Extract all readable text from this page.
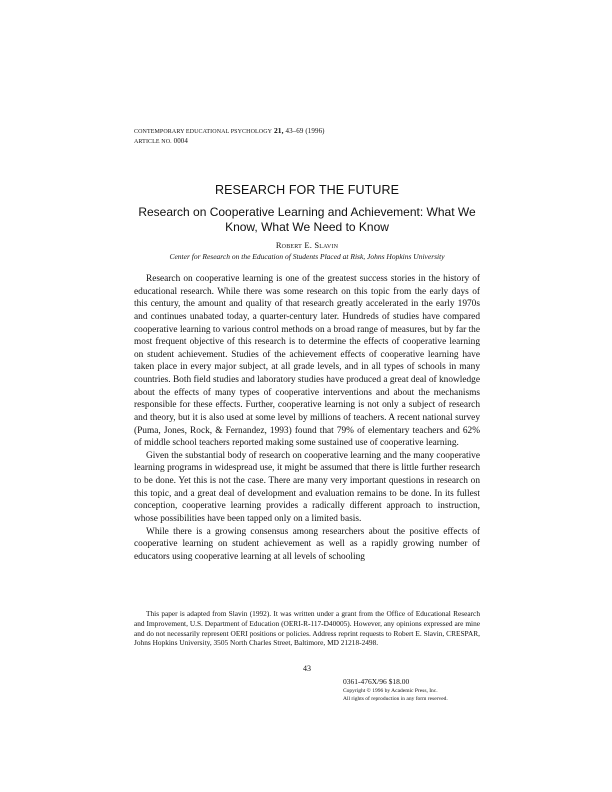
CONTEMPORARY EDUCATIONAL PSYCHOLOGY 21, 43–69 (1996)
ARTICLE NO. 0004
RESEARCH FOR THE FUTURE
Research on Cooperative Learning and Achievement: What We Know, What We Need to Know
Robert E. Slavin
Center for Research on the Education of Students Placed at Risk, Johns Hopkins University

Research on cooperative learning is one of the greatest success stories in the history of educational research. While there was some research on this topic from the early days of this century, the amount and quality of that research greatly accelerated in the early 1970s and continues unabated today, a quarter-century later. Hundreds of studies have compared cooperative learning to various control methods on a broad range of measures, but by far the most frequent objective of this research is to determine the effects of cooperative learning on student achievement. Studies of the achievement effects of cooperative learning have taken place in every major subject, at all grade levels, and in all types of schools in many countries. Both field studies and laboratory studies have produced a great deal of knowledge about the effects of many types of cooperative interventions and about the mechanisms responsible for these effects. Further, cooperative learning is not only a subject of research and theory, but it is also used at some level by millions of teachers. A recent national survey (Puma, Jones, Rock, & Fernandez, 1993) found that 79% of elementary teachers and 62% of middle school teachers reported making some sustained use of cooperative learning.

Given the substantial body of research on cooperative learning and the many cooperative learning programs in widespread use, it might be assumed that there is little further research to be done. Yet this is not the case. There are many very important questions in research on this topic, and a great deal of development and evaluation remains to be done. In its fullest conception, cooperative learning provides a radically different approach to instruction, whose possibilities have been tapped only on a limited basis.

While there is a growing consensus among researchers about the positive effects of cooperative learning on student achievement as well as a rapidly growing number of educators using cooperative learning at all levels of schooling

This paper is adapted from Slavin (1992). It was written under a grant from the Office of Educational Research and Improvement, U.S. Department of Education (OERI-R-117-D40005). However, any opinions expressed are mine and do not necessarily represent OERI positions or policies. Address reprint requests to Robert E. Slavin, CRESPAR, Johns Hopkins University, 3505 North Charles Street, Baltimore, MD 21218-2498.

43
0361-476X/96 $18.00
Copyright © 1996 by Academic Press, Inc.
All rights of reproduction in any form reserved.
